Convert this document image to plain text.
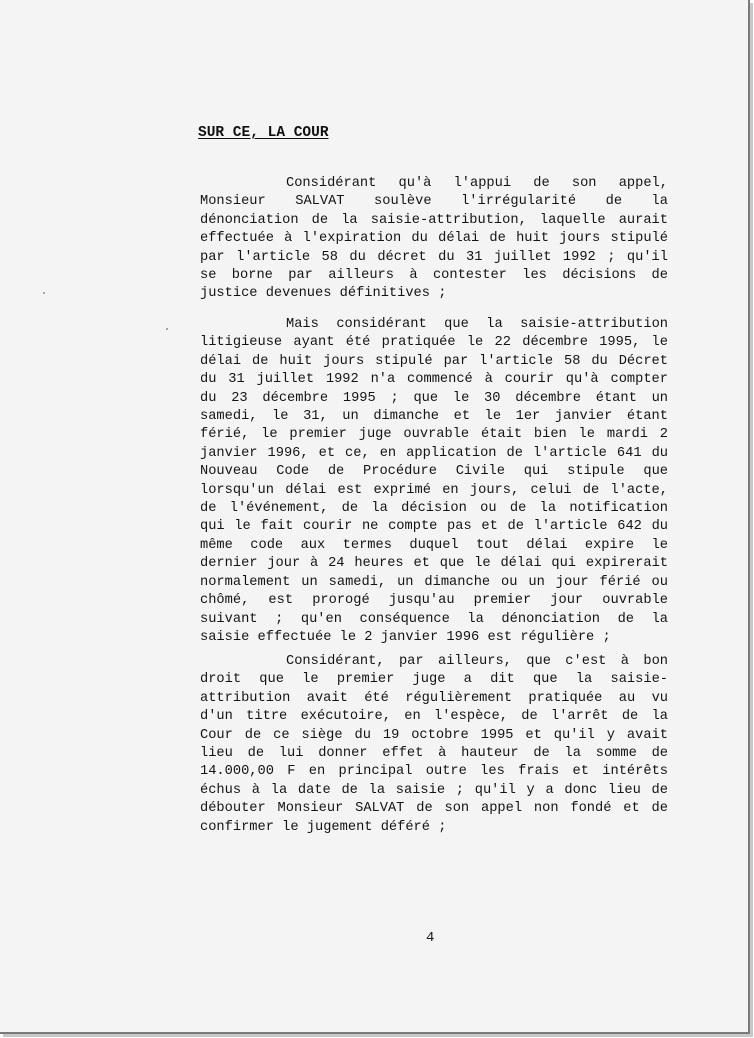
SUR CE, LA COUR

Considérant qu'à l'appui de son appel,
Monsieur SALVAT soulève l'irrégularité de la
dénonciation de la saisie-attribution, laquelle aurait
effectuée à l'expiration du délai de huit jours stipulé
par l'article 58 du décret du 31 juillet 1992 ; qu'il
se borne par ailleurs à contester les décisions de
justice devenues définitives ;

Mais considérant que la saisie-attribution
litigieuse ayant été pratiquée le 22 décembre 1995, le
délai de huit jours stipulé par l'article 58 du Décret
du 31 juillet 1992 n'a commencé à courir qu'à compter
du 23 décembre 1995 ; que le 30 décembre étant un
samedi, le 31, un dimanche et le 1er janvier étant
férié, le premier juge ouvrable était bien le mardi 2
janvier 1996, et ce, en application de l'article 641 du
Nouveau Code de Procédure Civile qui stipule que
lorsqu'un délai est exprimé en jours, celui de l'acte,
de l'événement, de la décision ou de la notification
qui le fait courir ne compte pas et de l'article 642 du
même code aux termes duquel tout délai expire le
dernier jour à 24 heures et que le délai qui expirerait
normalement un samedi, un dimanche ou un jour férié ou
chômé, est prorogé jusqu'au premier jour ouvrable
suivant ; qu'en conséquence la dénonciation de la
saisie effectuée le 2 janvier 1996 est régulière ;

Considérant, par ailleurs, que c'est à bon
droit que le premier juge a dit que la saisie-
attribution avait été régulièrement pratiquée au vu
d'un titre exécutoire, en l'espèce, de l'arrêt de la
Cour de ce siège du 19 octobre 1995 et qu'il y avait
lieu de lui donner effet à hauteur de la somme de
14.000,00 F en principal outre les frais et intérêts
échus à la date de la saisie ; qu'il y a donc lieu de
débouter Monsieur SALVAT de son appel non fondé et de
confirmer le jugement déféré ;

4
